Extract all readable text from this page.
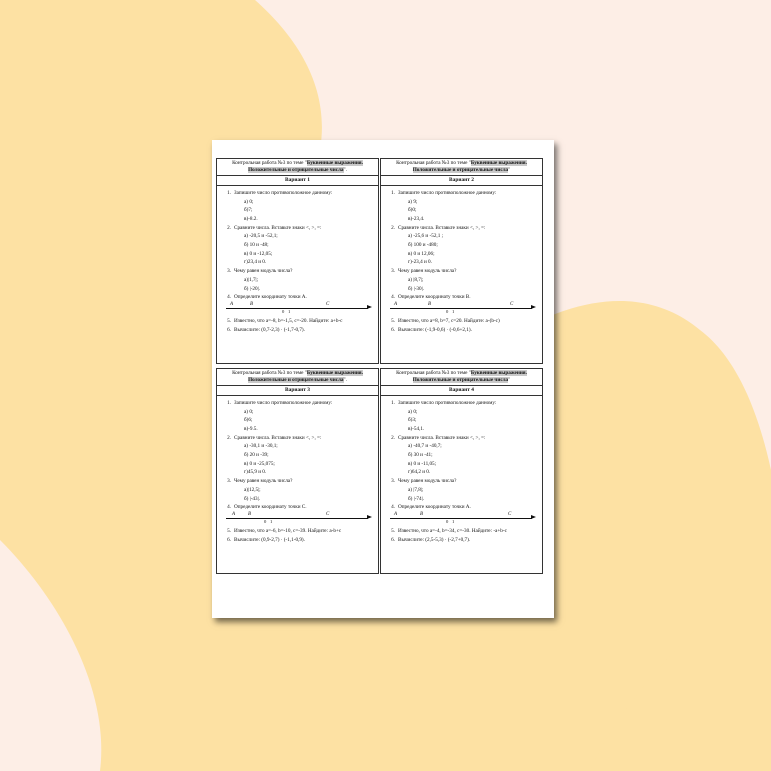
Контрольная работа №3 по теме "Буквенные выражения. Положительные и отрицательные числа".
Вариант 1
1. Запишите число противоположное данному:
а) 0;
б)7;
в)-8.2.
2. Сравните числа. Вставьте знаки <, >, =:
а) -20,5 и -52,1;
б) 10 и -48;
в) 0 и -12,05;
г)23,4 и 0.
3. Чему равен модуль числа?
а)|1,7|;
б) |-20|.
4. Определите координату точки А.
А	В	С
0 1
5. Известно, что a=-8, b=-1,5, c=-20. Найдите: a+b-c
6. Вычислите: (0,7-2,3) · (-1,7-0,7).
Контрольная работа №3 по теме "Буквенные выражения. Положительные и отрицательные числа"
Вариант 2
1. Запишите число противоположное данному:
а) 9;
б)0;
в)-23,4.
2. Сравните числа. Вставьте знаки <, >, =:
а) -25,6 и -52,1 ;
б) 100 и -480;
в) 0 и 12,06;
г)-23,4 и 0.
3. Чему равен модуль числа?
а) |8,7|;
б) |-30|.
4. Определите координату точки В.
А	В	С
0 1
5. Известно, что a=8, b=7, c=20. Найдите: a-(b-c)
6. Вычислите: (-1,9-0,6) · (-0,6+2,1).
Контрольная работа №3 по теме "Буквенные выражения. Положительные и отрицательные числа".
Вариант 3
1. Запишите число противоположное данному:
а) 0;
б)6;
в)-9.5.
2. Сравните числа. Вставьте знаки <, >, =:
а) -30,1 и -30,1;
б) 20 и -39;
в) 0 и -25,075;
г)45,9 и 0.
3. Чему равен модуль числа?
а)|12,5|;
б) |-43|.
4. Определите координату точки С.
А	В	С
0 1
5. Известно, что a=-6, b=-10, c=-39. Найдите: a-b+c
6. Вычислите: (0,9-2,7) · (-1,1-0,9).
Контрольная работа №3 по теме "Буквенные выражения. Положительные и отрицательные числа"
Вариант 4
1. Запишите число противоположное данному:
а) 0;
б)3;
в)-54,1.
2. Сравните числа. Вставьте знаки <, >, =:
а) -40,7 и -40,7;
б) 30 и -41;
в) 0 и -11,05;
г)64,2 и 0.
3. Чему равен модуль числа?
а) |7,8|;
б) |-74|.
4. Определите координату точки А.
А	В	С
0 1
5. Известно, что a=-4, b=-34, c=-30. Найдите: -a+b-c
6. Вычислите: (2,5-5,3) · (-2,7+0,7).
